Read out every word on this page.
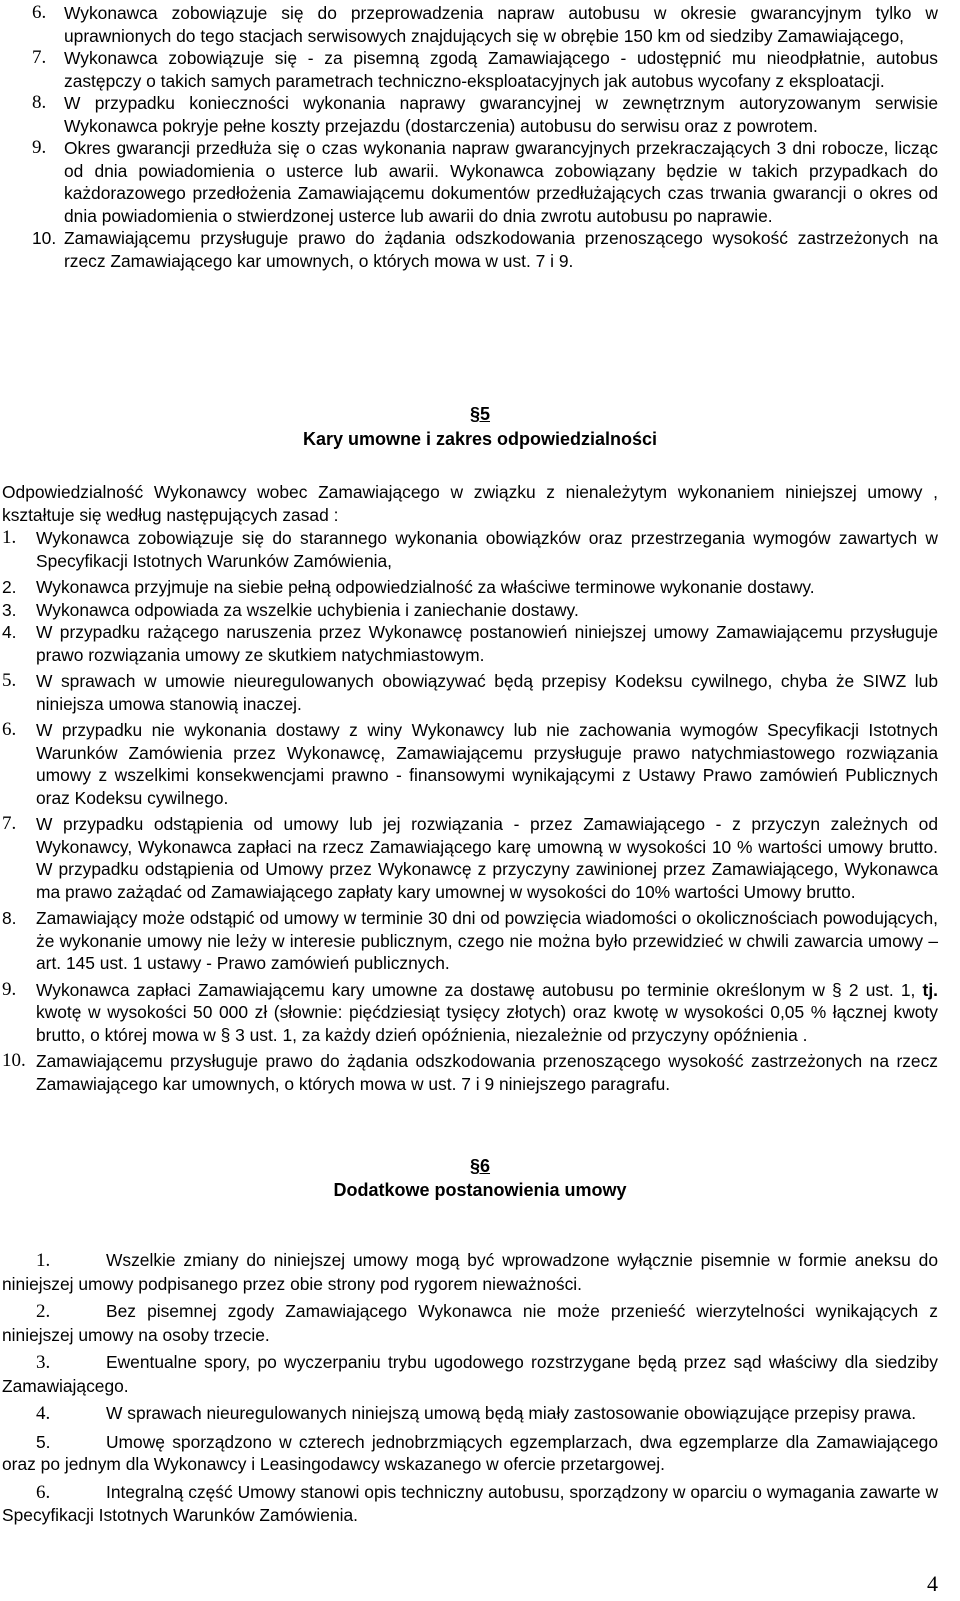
6.	Wykonawca zobowiązuje się do przeprowadzenia napraw autobusu w okresie gwarancyjnym tylko w uprawnionych do tego stacjach serwisowych znajdujących się w obrębie 150 km od siedziby Zamawiającego,
7.	Wykonawca zobowiązuje się - za pisemną zgodą Zamawiającego - udostępnić mu nieodpłatnie, autobus zastępczy o takich samych parametrach techniczno-eksploatacyjnych jak autobus wycofany z eksploatacji.
8.	W przypadku konieczności wykonania naprawy gwarancyjnej w zewnętrznym autoryzowanym serwisie Wykonawca pokryje pełne koszty przejazdu (dostarczenia) autobusu do serwisu oraz z powrotem.
9.	Okres gwarancji przedłuża się o czas wykonania napraw gwarancyjnych przekraczających 3 dni robocze, licząc od dnia powiadomienia o usterce lub awarii. Wykonawca zobowiązany będzie w takich przypadkach do każdorazowego przedłożenia Zamawiającemu dokumentów przedłużających czas trwania gwarancji o okres od dnia powiadomienia o stwierdzonej usterce lub awarii do dnia zwrotu autobusu po naprawie.
10. Zamawiającemu przysługuje prawo do żądania odszkodowania przenoszącego wysokość zastrzeżonych na rzecz Zamawiającego kar umownych, o których mowa w ust. 7 i 9.
§5
Kary umowne i zakres odpowiedzialności
Odpowiedzialność Wykonawcy wobec Zamawiającego w związku z nienależytym wykonaniem niniejszej umowy , kształtuje się według następujących zasad :
1.	Wykonawca zobowiązuje się do starannego wykonania obowiązków oraz przestrzegania wymogów zawartych w Specyfikacji Istotnych Warunków Zamówienia,
2.	Wykonawca przyjmuje na siebie pełną odpowiedzialność za właściwe terminowe wykonanie dostawy.
3.	Wykonawca odpowiada za wszelkie uchybienia i zaniechanie dostawy.
4.	W przypadku rażącego naruszenia przez Wykonawcę postanowień niniejszej umowy Zamawiającemu przysługuje prawo rozwiązania umowy ze skutkiem natychmiastowym.
5.	W sprawach w umowie nieuregulowanych obowiązywać będą przepisy Kodeksu cywilnego, chyba że SIWZ lub niniejsza umowa stanowią inaczej.
6.	W przypadku nie wykonania dostawy z winy Wykonawcy lub nie zachowania wymogów Specyfikacji Istotnych Warunków Zamówienia przez Wykonawcę, Zamawiającemu przysługuje prawo natychmiastowego rozwiązania umowy z wszelkimi konsekwencjami prawno - finansowymi wynikającymi z Ustawy Prawo zamówień Publicznych oraz Kodeksu cywilnego.
7.	W przypadku odstąpienia od umowy lub jej rozwiązania - przez Zamawiającego - z przyczyn zależnych od Wykonawcy, Wykonawca zapłaci na rzecz Zamawiającego karę umowną w wysokości 10 % wartości umowy brutto. W przypadku odstąpienia od Umowy przez Wykonawcę z przyczyny zawinionej przez Zamawiającego, Wykonawca ma prawo zażądać od Zamawiającego zapłaty kary umownej w wysokości do 10% wartości Umowy brutto.
8.	Zamawiający może odstąpić od umowy w terminie 30 dni od powzięcia wiadomości o okolicznościach powodujących, że wykonanie umowy nie leży w interesie publicznym, czego nie można było przewidzieć w chwili zawarcia umowy – art. 145 ust. 1 ustawy - Prawo zamówień publicznych.
9.	Wykonawca zapłaci Zamawiającemu kary umowne za dostawę autobusu po terminie określonym w § 2 ust. 1, tj. kwotę w wysokości 50 000 zł (słownie: pięćdziesiąt tysięcy złotych) oraz kwotę w wysokości 0,05 % łącznej kwoty brutto, o której mowa w § 3 ust. 1, za każdy dzień opóźnienia, niezależnie od przyczyny opóźnienia .
10. Zamawiającemu przysługuje prawo do żądania odszkodowania przenoszącego wysokość zastrzeżonych na rzecz Zamawiającego kar umownych, o których mowa w ust. 7 i 9 niniejszego paragrafu.
§6
Dodatkowe postanowienia umowy
1.	Wszelkie zmiany do niniejszej umowy mogą być wprowadzone wyłącznie pisemnie w formie aneksu do niniejszej umowy podpisanego przez obie strony pod rygorem nieważności.
2.	Bez pisemnej zgody Zamawiającego Wykonawca nie może przenieść wierzytelności wynikających z niniejszej umowy na osoby trzecie.
3.	Ewentualne spory, po wyczerpaniu trybu ugodowego rozstrzygane będą przez sąd właściwy dla siedziby Zamawiającego.
4.	W sprawach nieuregulowanych niniejszą umową będą miały zastosowanie obowiązujące przepisy prawa.
5.	Umowę sporządzono w czterech jednobrzmiących egzemplarzach, dwa egzemplarze dla Zamawiającego oraz po jednym dla Wykonawcy i Leasingodawcy wskazanego w ofercie przetargowej.
6.	Integralną część Umowy stanowi opis techniczny autobusu, sporządzony w oparciu o wymagania zawarte w Specyfikacji Istotnych Warunków Zamówienia.
4
